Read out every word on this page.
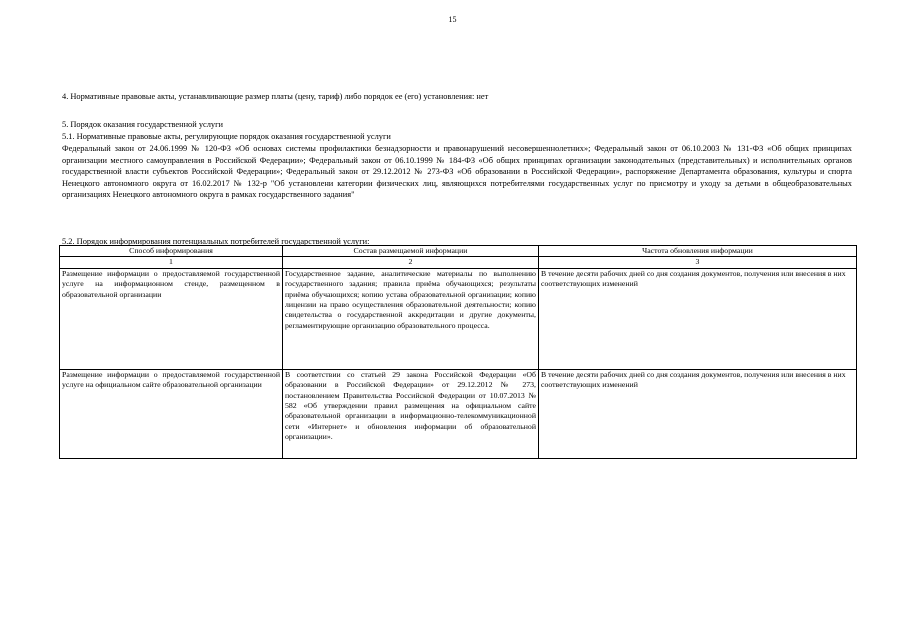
15
4. Нормативные правовые акты, устанавливающие размер платы (цену, тариф) либо порядок ее (его) установления: нет
5. Порядок оказания государственной услуги
5.1. Нормативные правовые акты, регулирующие порядок оказания государственной услуги
Федеральный закон от 24.06.1999 № 120-ФЗ «Об основах системы профилактики безнадзорности и правонарушений несовершеннолетних»; Федеральный закон от 06.10.2003 № 131-ФЗ «Об общих принципах организации местного самоуправления в Российской Федерации»; Федеральный закон от 06.10.1999 № 184-ФЗ «Об общих принципах организации законодательных (представительных) и исполнительных органов государственной власти субъектов Российской Федерации»; Федеральный закон от 29.12.2012 № 273-ФЗ «Об образовании в Российской Федерации», распоряжение Департамента образования, культуры и спорта Ненецкого автономного округа от 16.02.2017 № 132-р "Об установлени категории физических лиц, являющихся потребителями государственных услуг по присмотру и уходу за детьми в общеобразовательных организациях Ненецкого автономного округа в рамках государственного задания"
5.2. Порядок информирования потенциальных потребителей государственной услуги:
Способ информирования	Состав размещаемой информации	Частота обновления информации
1	2	3
Размещение информации о предоставляемой государственной услуге на информационном стенде, размещенном в образовательной организации	Государственное задание, аналитические материалы по выполнению государственного задания; правила приёма обучающихся; результаты приёма обучающихся; копию устава образовательной организации; копию лицензии на право осуществления образовательной деятельности; копию свидетельства о государственной аккредитации и другие документы, регламентирующие организацию образовательного процесса.	В течение десяти рабочих дней со дня создания документов, получения или внесения в них соответствующих изменений
Размещение информации о предоставляемой государственной услуге на официальном сайте образовательной организации	В соответствии со статьей 29 закона Российской Федерации «Об образовании в Российской Федерации» от 29.12.2012 № 273, постановлением Правительства Российской Федерации от 10.07.2013 № 582 «Об утверждении правил размещения на официальном сайте образовательной организации в информационно-телекоммуникационной сети «Интернет» и обновления информации об образовательной организации».	В течение десяти рабочих дней со дня создания документов, получения или внесения в них соответствующих изменений
